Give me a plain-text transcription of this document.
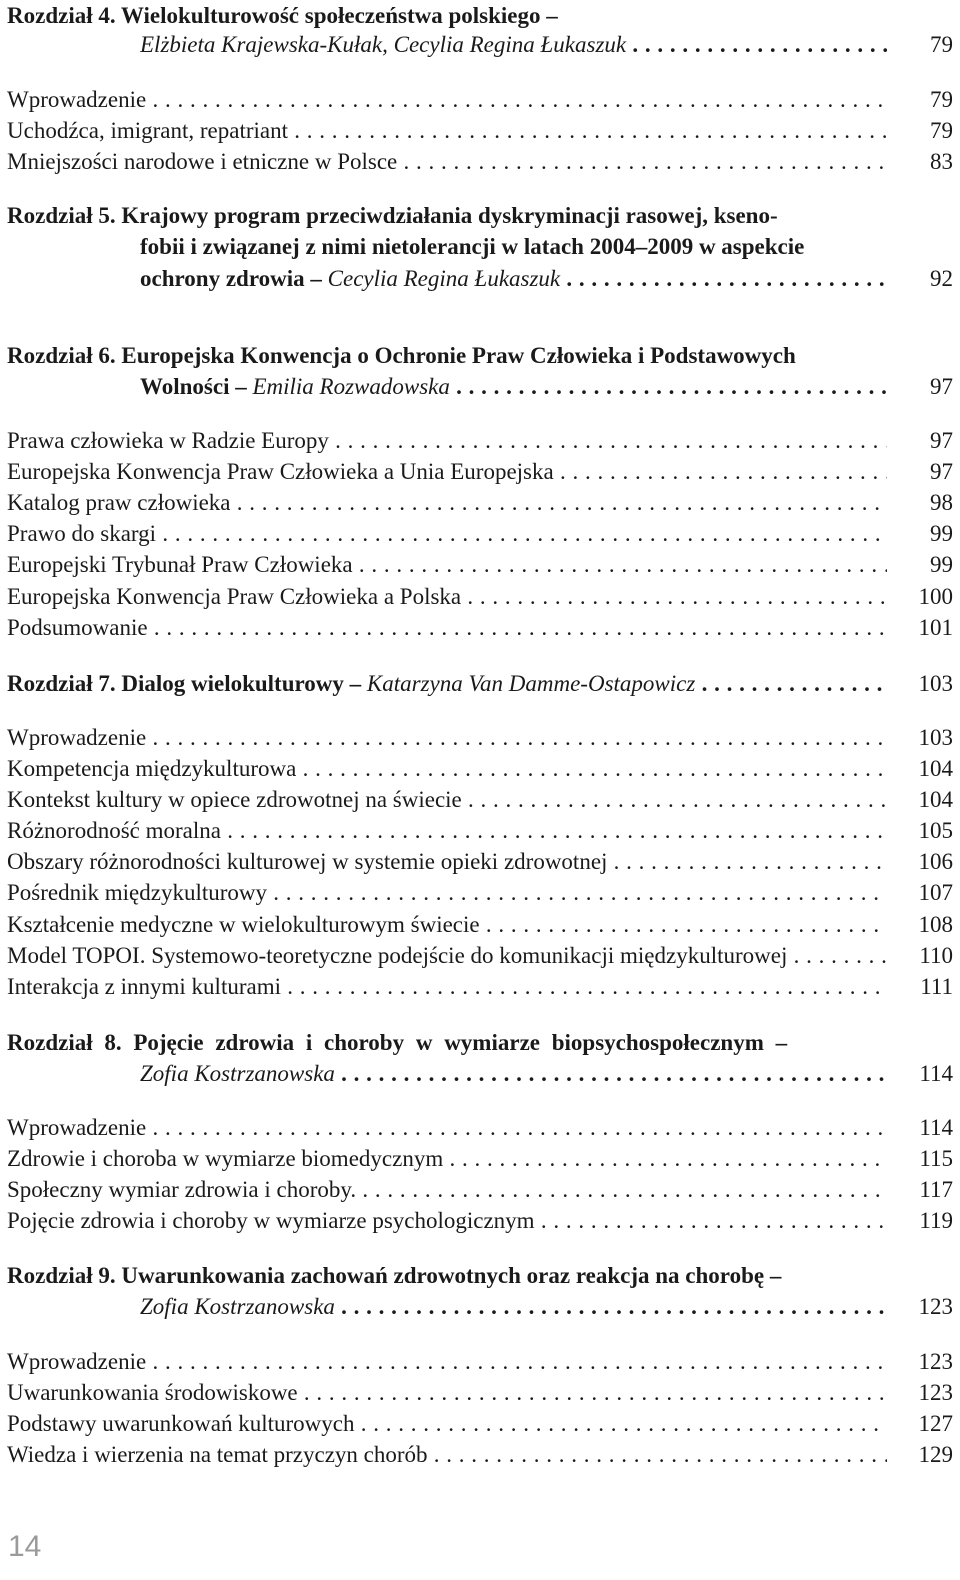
Rozdział 4. Wielokulturowość społeczeństwa polskiego –
Elżbieta Krajewska-Kułak, Cecylia Regina Łukaszuk . . .	79
Wprowadzenie . . .	79
Uchodźca, imigrant, repatriant . . .	79
Mniejszości narodowe i etniczne w Polsce . . .	83
Rozdział 5. Krajowy program przeciwdziałania dyskryminacji rasowej, kseno-
fobii i związanej z nimi nietolerancji w latach 2004–2009 w aspekcie
ochrony zdrowia – Cecylia Regina Łukaszuk . . .	92
Rozdział 6. Europejska Konwencja o Ochronie Praw Człowieka i Podstawowych
Wolności – Emilia Rozwadowska . . .	97
Prawa człowieka w Radzie Europy . . .	97
Europejska Konwencja Praw Człowieka a Unia Europejska . . .	97
Katalog praw człowieka . . .	98
Prawo do skargi . . .	99
Europejski Trybunał Praw Człowieka . . .	99
Europejska Konwencja Praw Człowieka a Polska . . .	100
Podsumowanie . . .	101
Rozdział 7. Dialog wielokulturowy – Katarzyna Van Damme-Ostapowicz . . .	103
Wprowadzenie . . .	103
Kompetencja międzykulturowa . . .	104
Kontekst kultury w opiece zdrowotnej na świecie . . .	104
Różnorodność moralna . . .	105
Obszary różnorodności kulturowej w systemie opieki zdrowotnej . . .	106
Pośrednik międzykulturowy . . .	107
Kształcenie medyczne w wielokulturowym świecie . . .	108
Model TOPOI. Systemowo-teoretyczne podejście do komunikacji międzykulturowej . . .	110
Interakcja z innymi kulturami . . .	111
Rozdział 8. Pojęcie zdrowia i choroby w wymiarze biopsychospołecznym –
Zofia Kostrzanowska . . .	114
Wprowadzenie . . .	114
Zdrowie i choroba w wymiarze biomedycznym . . .	115
Społeczny wymiar zdrowia i choroby. . . .	117
Pojęcie zdrowia i choroby w wymiarze psychologicznym . . .	119
Rozdział 9. Uwarunkowania zachowań zdrowotnych oraz reakcja na chorobę –
Zofia Kostrzanowska . . .	123
Wprowadzenie . . .	123
Uwarunkowania środowiskowe . . .	123
Podstawy uwarunkowań kulturowych . . .	127
Wiedza i wierzenia na temat przyczyn chorób . . .	129
14
